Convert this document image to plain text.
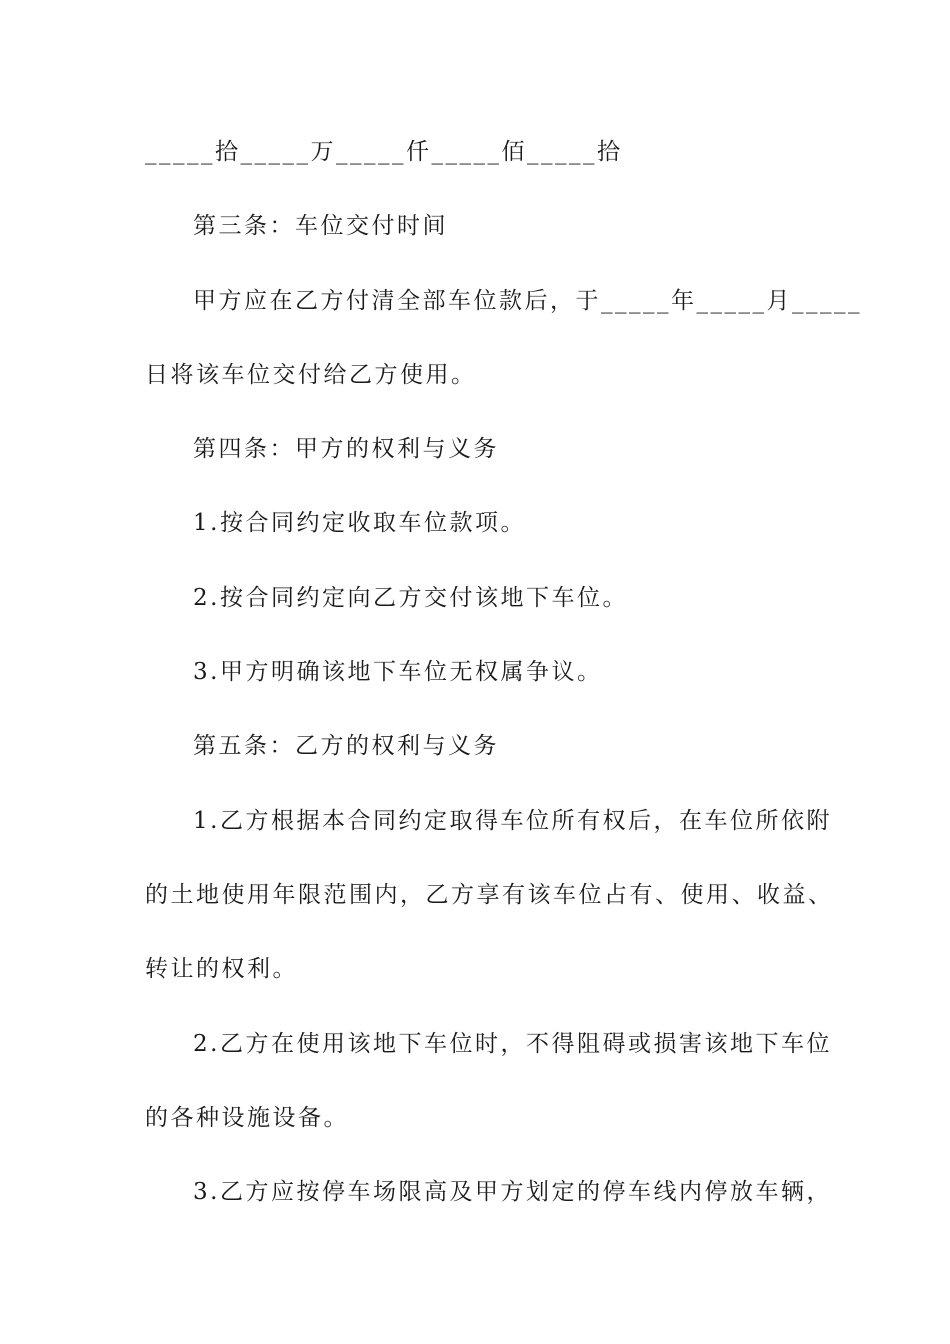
_____拾_____万_____仟_____佰_____拾
第三条：车位交付时间
甲方应在乙方付清全部车位款后，于_____年_____月_____
日将该车位交付给乙方使用。
第四条：甲方的权利与义务
1.按合同约定收取车位款项。
2.按合同约定向乙方交付该地下车位。
3.甲方明确该地下车位无权属争议。
第五条：乙方的权利与义务
1.乙方根据本合同约定取得车位所有权后，在车位所依附
的土地使用年限范围内，乙方享有该车位占有、使用、收益、
转让的权利。
2.乙方在使用该地下车位时，不得阻碍或损害该地下车位
的各种设施设备。
3.乙方应按停车场限高及甲方划定的停车线内停放车辆，
